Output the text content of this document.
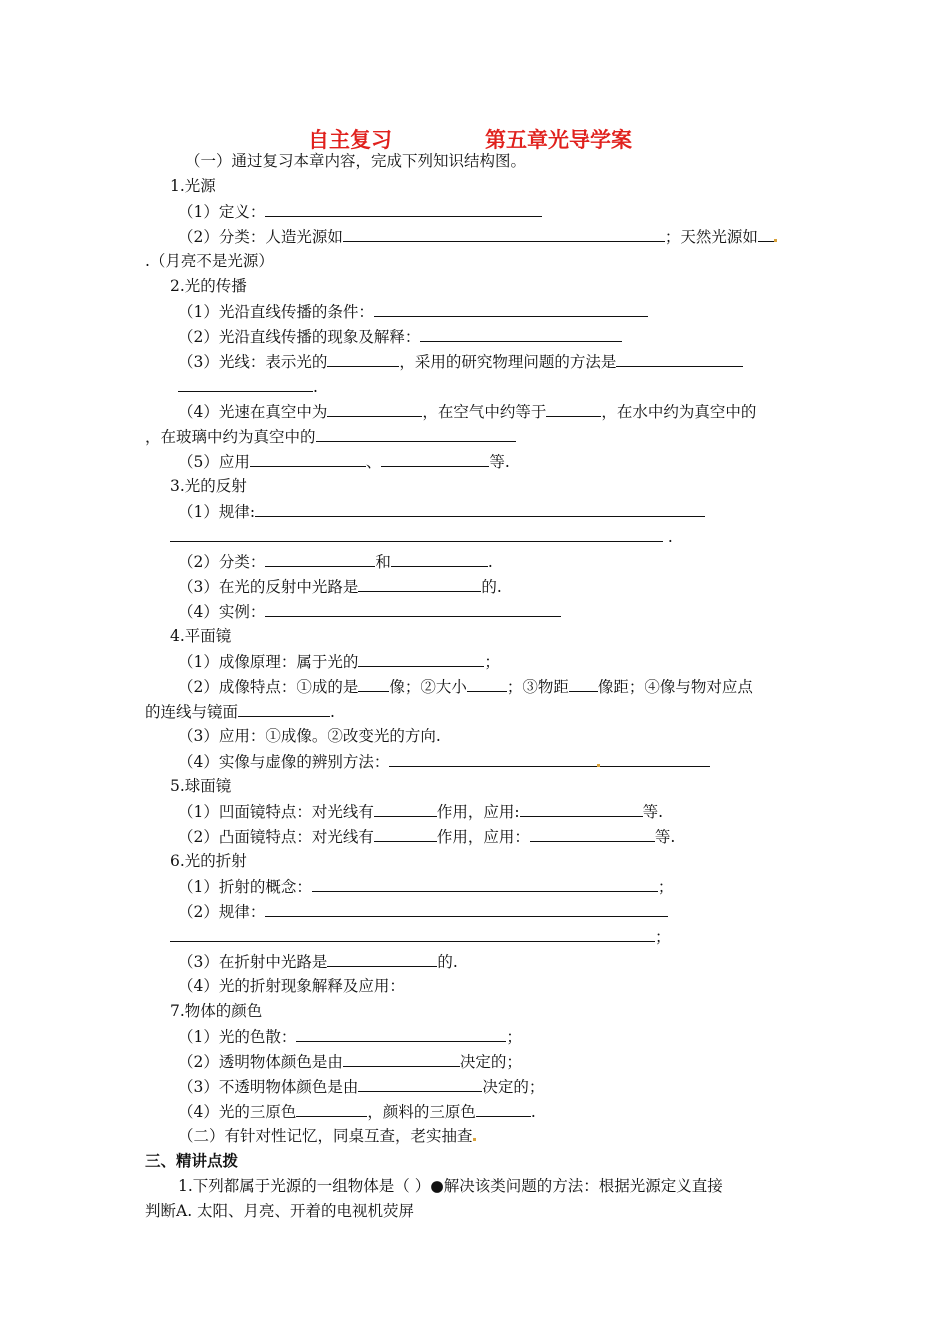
自主复习	第五章光导学案
（一）通过复习本章内容，完成下列知识结构图。
1.光源
（1）定义：
（2）分类：人造光源如	；天然光源如
.（月亮不是光源）
2.光的传播
（1）光沿直线传播的条件：
（2）光沿直线传播的现象及解释：
（3）光线：表示光的	，采用的研究物理问题的方法是
.
（4）光速在真空中为	，在空气中约等于	，在水中约为真空中的
，在玻璃中约为真空中的
（5）应用	、	等.
3.光的反射
（1）规律:
.
（2）分类：	和	.
（3）在光的反射中光路是	的.
（4）实例：
4.平面镜
（1）成像原理：属于光的	；
（2）成像特点：①成的是 像；②大小	；③物距 像距；④像与物对应点
的连线与镜面	.
（3）应用：①成像。②改变光的方向.
（4）实像与虚像的辨别方法：
5.球面镜
（1）凹面镜特点：对光线有	作用，应用:	等.
（2）凸面镜特点：对光线有	作用，应用：	等.
6.光的折射
（1）折射的概念：	；
（2）规律：
；
（3）在折射中光路是	的.
（4）光的折射现象解释及应用：
7.物体的颜色
（1）光的色散：	；
（2）透明物体颜色是由	决定的；
（3）不透明物体颜色是由	决定的；
（4）光的三原色	，颜料的三原色	.
（二）有针对性记忆，同桌互查，老实抽查
三、精讲点拨
1.下列都属于光源的一组物体是（ ）●解决该类问题的方法：根据光源定义直接
判断A. 太阳、月亮、开着的电视机荧屏
